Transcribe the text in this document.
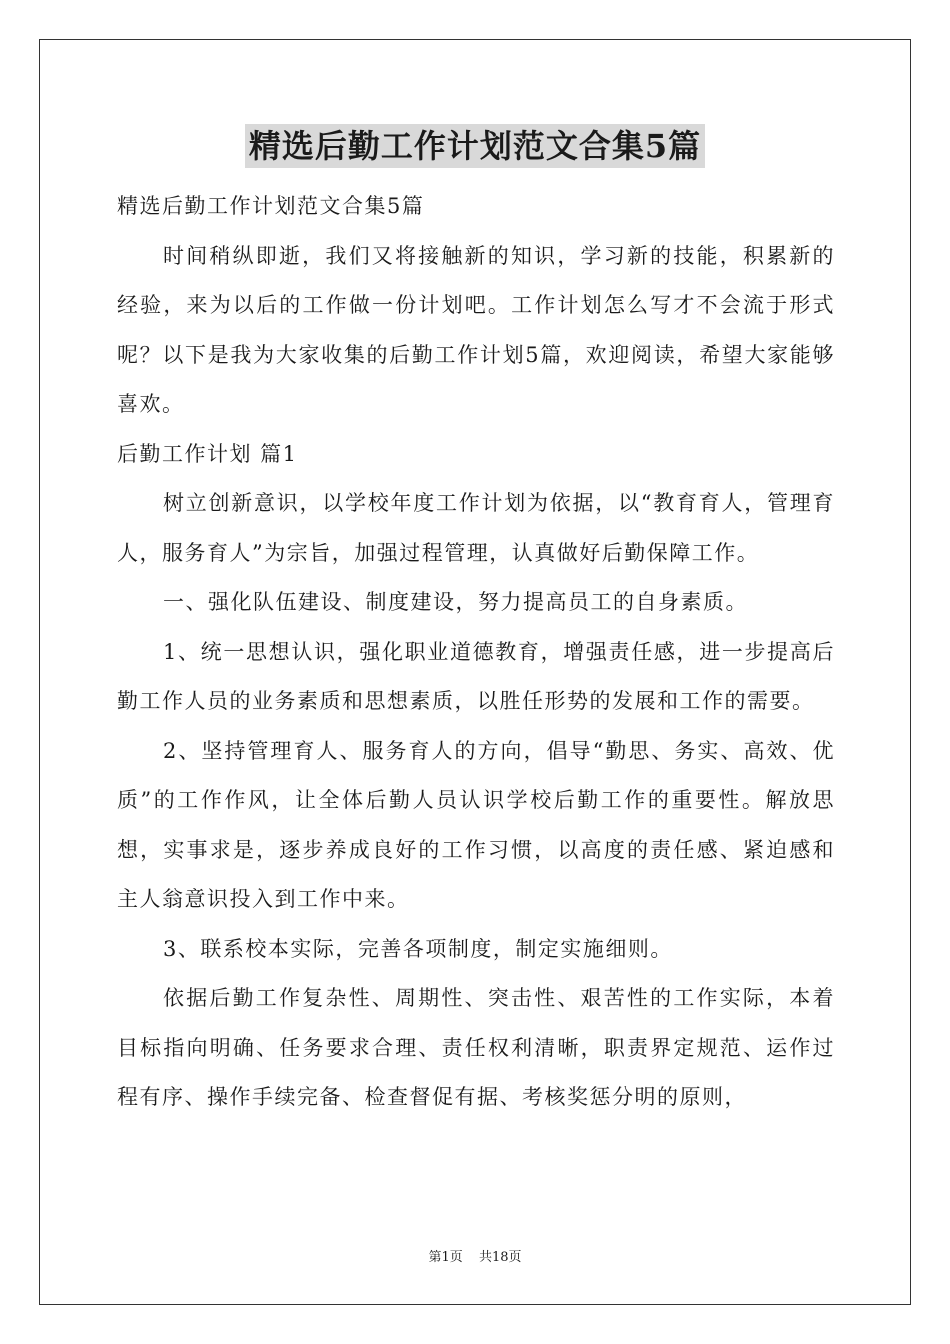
精选后勤工作计划范文合集5篇

精选后勤工作计划范文合集5篇

时间稍纵即逝，我们又将接触新的知识，学习新的技能，积累新的经验，来为以后的工作做一份计划吧。工作计划怎么写才不会流于形式呢？以下是我为大家收集的后勤工作计划5篇，欢迎阅读，希望大家能够喜欢。

后勤工作计划 篇1

树立创新意识，以学校年度工作计划为依据，以“教育育人，管理育人，服务育人”为宗旨，加强过程管理，认真做好后勤保障工作。

一、强化队伍建设、制度建设，努力提高员工的自身素质。

1、统一思想认识，强化职业道德教育，增强责任感，进一步提高后勤工作人员的业务素质和思想素质，以胜任形势的发展和工作的需要。

2、坚持管理育人、服务育人的方向，倡导“勤思、务实、高效、优质”的工作作风，让全体后勤人员认识学校后勤工作的重要性。解放思想，实事求是，逐步养成良好的工作习惯，以高度的责任感、紧迫感和主人翁意识投入到工作中来。

3、联系校本实际，完善各项制度，制定实施细则。

依据后勤工作复杂性、周期性、突击性、艰苦性的工作实际，本着目标指向明确、任务要求合理、责任权利清晰，职责界定规范、运作过程有序、操作手续完备、检查督促有据、考核奖惩分明的原则，

第1页 共18页
